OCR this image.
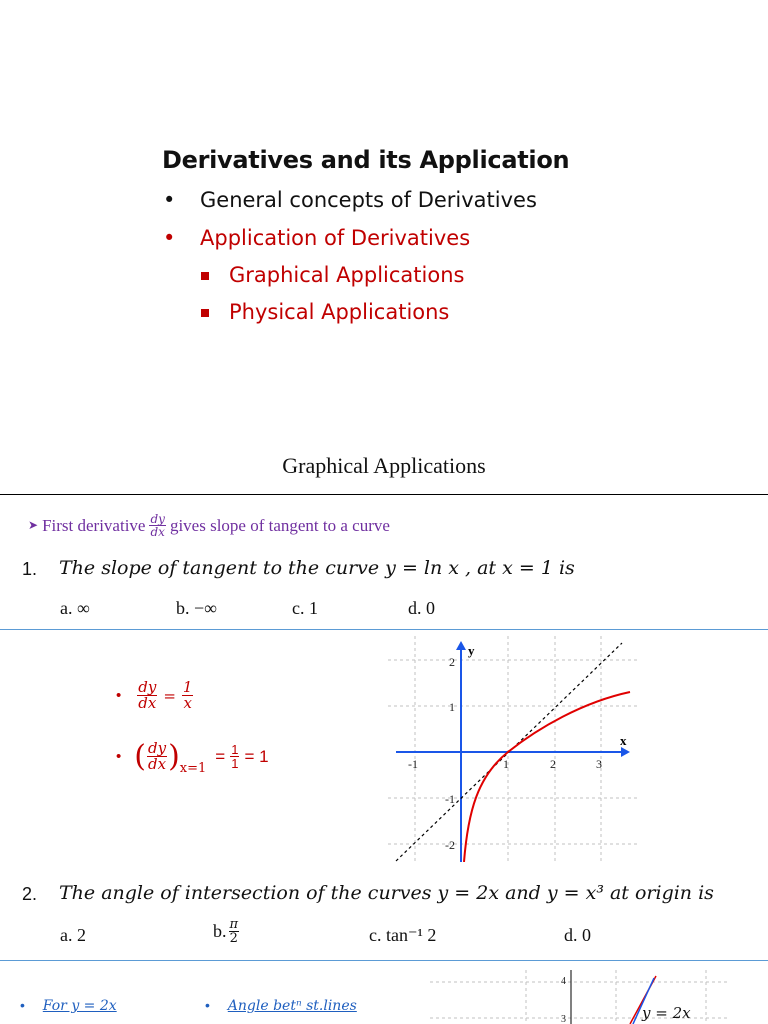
Derivatives and its Application
• General concepts of Derivatives
• Application of Derivatives
Graphical Applications
Physical Applications
Graphical Applications
➤ First derivative $\frac{dy}{dx}$ gives slope of tangent to a curve
1. The slope of tangent to the curve y = ln x , at x = 1 is
a. ∞	b. −∞	c. 1	d. 0
• $\frac{dy}{dx} = \frac{1}{x}$
• ( $\frac{dy}{dx}$ ) x=1
= $\frac{1}{1} = 1$
y
x
-1	1	2	3
2
1
-1
-2
2. The angle of intersection of the curves y = 2x and y = x³ at origin is
a. 2	b. $\frac{\pi}{2}$	c. tan⁻¹ 2	d. 0
• For y = 2x	• Angle betⁿ st.lines
4
3	y = 2x
